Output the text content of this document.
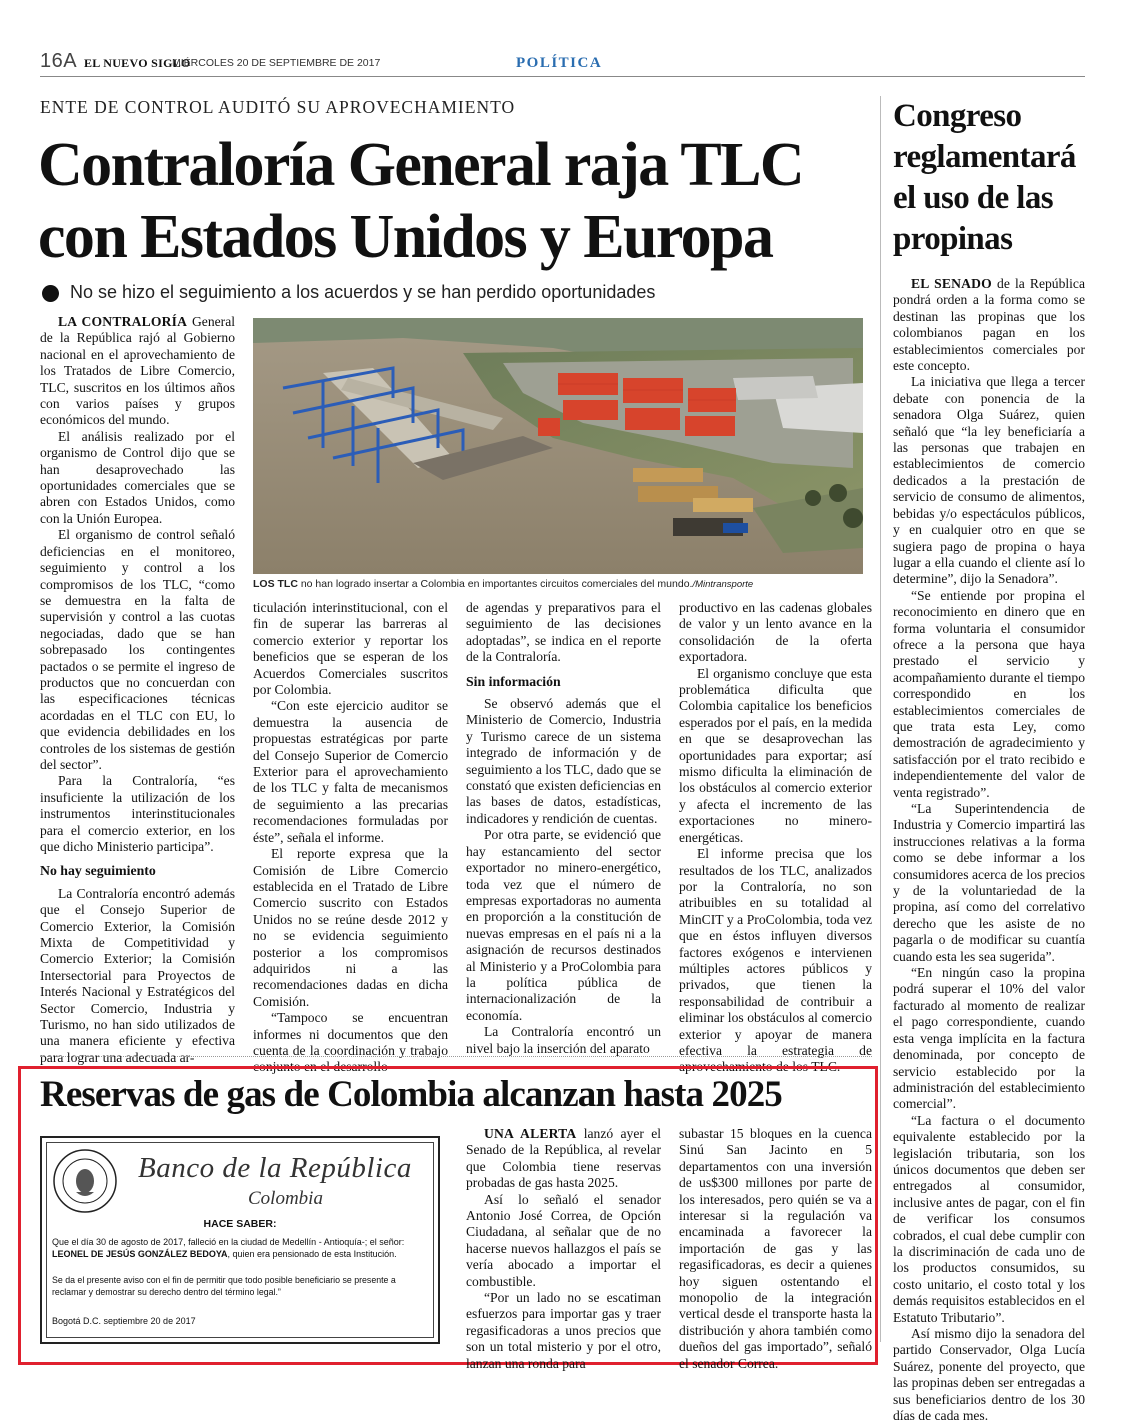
16A EL NUEVO SIGLO
MIÉRCOLES 20 DE SEPTIEMBRE DE 2017	POLÍTICA
ENTE DE CONTROL AUDITÓ SU APROVECHAMIENTO
Contraloría General raja TLC
con Estados Unidos y Europa
No se hizo el seguimiento a los acuerdos y se han perdido oportunidades
LOS TLC no han logrado insertar a Colombia en importantes circuitos comerciales del mundo./Mintransporte

LA CONTRALORÍA General de la República rajó al Gobierno nacional en el aprovechamiento de los Tratados de Libre Comercio, TLC, suscritos en los últimos años con varios países y grupos económicos del mundo.

El análisis realizado por el organismo de Control dijo que se han desaprovechado las oportunidades comerciales que se abren con Estados Unidos, como con la Unión Europea.

El organismo de control señaló deficiencias en el monitoreo, seguimiento y control a los compromisos de los TLC, “como se demuestra en la falta de supervisión y control a las cuotas negociadas, dado que se han sobrepasado los contingentes pactados o se permite el ingreso de productos que no concuerdan con las especificaciones técnicas acordadas en el TLC con EU, lo que evidencia debilidades en los controles de los sistemas de gestión del sector”.

Para la Contraloría, “es insuficiente la utilización de los instrumentos interinstitucionales para el comercio exterior, en los que dicho Ministerio participa”.

No hay seguimiento

La Contraloría encontró además que el Consejo Superior de Comercio Exterior, la Comisión Mixta de Competitividad y Comercio Exterior; la Comisión Intersectorial para Proyectos de Interés Nacional y Estratégicos del Sector Comercio, Industria y Turismo, no han sido utilizados de una manera eficiente y efectiva para lograr una adecuada ar-

ticulación interinstitucional, con el fin de superar las barreras al comercio exterior y reportar los beneficios que se esperan de los Acuerdos Comerciales suscritos por Colombia.

“Con este ejercicio auditor se demuestra la ausencia de propuestas estratégicas por parte del Consejo Superior de Comercio Exterior para el aprovechamiento de los TLC y falta de mecanismos de seguimiento a las precarias recomendaciones formuladas por éste”, señala el informe.

El reporte expresa que la Comisión de Libre Comercio establecida en el Tratado de Libre Comercio suscrito con Estados Unidos no se reúne desde 2012 y no se evidencia seguimiento posterior a los compromisos adquiridos ni a las recomendaciones dadas en dicha Comisión.

“Tampoco se encuentran informes ni documentos que den cuenta de la coordinación y trabajo conjunto en el desarrollo

de agendas y preparativos para el seguimiento de las decisiones adoptadas”, se indica en el reporte de la Contraloría.

Sin información

Se observó además que el Ministerio de Comercio, Industria y Turismo carece de un sistema integrado de información y de seguimiento a los TLC, dado que se constató que existen deficiencias en las bases de datos, estadísticas, indicadores y rendición de cuentas.

Por otra parte, se evidenció que hay estancamiento del sector exportador no minero-energético, toda vez que el número de empresas exportadoras no aumenta en proporción a la constitución de nuevas empresas en el país ni a la asignación de recursos destinados al Ministerio y a ProColombia para la política pública de internacionalización de la economía.

La Contraloría encontró un nivel bajo la inserción del aparato

productivo en las cadenas globales de valor y un lento avance en la consolidación de la oferta exportadora.

El organismo concluye que esta problemática dificulta que Colombia capitalice los beneficios esperados por el país, en la medida en que se desaprovechan las oportunidades para exportar; así mismo dificulta la eliminación de los obstáculos al comercio exterior y afecta el incremento de las exportaciones no minero-energéticas.

El informe precisa que los resultados de los TLC, analizados por la Contraloría, no son atribuibles en su totalidad al MinCIT y a ProColombia, toda vez que en éstos influyen diversos factores exógenos e intervienen múltiples actores públicos y privados, que tienen la responsabilidad de contribuir a eliminar los obstáculos al comercio exterior y apoyar de manera efectiva la estrategia de aprovechamiento de los TLC.

Congreso
reglamentará
el uso de las
propinas

EL SENADO de la República pondrá orden a la forma como se destinan las propinas que los colombianos pagan en los establecimientos comerciales por este concepto.

La iniciativa que llega a tercer debate con ponencia de la senadora Olga Suárez, quien señaló que “la ley beneficiaría a las personas que trabajen en establecimientos de comercio dedicados a la prestación de servicio de consumo de alimentos, bebidas y/o espectáculos públicos, y en cualquier otro en que se sugiera pago de propina o haya lugar a ella cuando el cliente así lo determine”, dijo la Senadora”.

“Se entiende por propina el reconocimiento en dinero que en forma voluntaria el consumidor ofrece a la persona que haya prestado el servicio y acompañamiento durante el tiempo correspondido en los establecimientos comerciales de que trata esta Ley, como demostración de agradecimiento y satisfacción por el trato recibido e independientemente del valor de venta registrado”.

“La Superintendencia de Industria y Comercio impartirá las instrucciones relativas a la forma como se debe informar a los consumidores acerca de los precios y de la voluntariedad de la propina, así como del correlativo derecho que les asiste de no pagarla o de modificar su cuantía cuando esta les sea sugerida”.

“En ningún caso la propina podrá superar el 10% del valor facturado al momento de realizar el pago correspondiente, cuando esta venga implícita en la factura denominada, por concepto de servicio establecido por la administración del establecimiento comercial”.

“La factura o el documento equivalente establecido por la legislación tributaria, son los únicos documentos que deben ser entregados al consumidor, inclusive antes de pagar, con el fin de verificar los consumos cobrados, el cual debe cumplir con la discriminación de cada uno de los productos consumidos, su costo unitario, el costo total y los demás requisitos establecidos en el Estatuto Tributario”.

Así mismo dijo la senadora del partido Conservador, Olga Lucía Suárez, ponente del proyecto, que las propinas deben ser entregadas a sus beneficiarios dentro de los 30 días de cada mes.

Reservas de gas de Colombia alcanzan hasta 2025
Banco de la República
Colombia
HACE SABER:
Que el día 30 de agosto de 2017, falleció en la ciudad de Medellín - Antioquía-; el señor:
LEONEL DE JESÚS GONZÁLEZ BEDOYA, quien era pensionado de esta Institución.
Se da el presente aviso con el fin de permitir que todo posible beneficiario se presente a reclamar y demostrar su derecho dentro del término legal.”
Bogotá D.C. septiembre 20 de 2017

UNA ALERTA lanzó ayer el Senado de la República, al revelar que Colombia tiene reservas probadas de gas hasta 2025.

Así lo señaló el senador Antonio José Correa, de Opción Ciudadana, al señalar que de no hacerse nuevos hallazgos el país se vería abocado a importar el combustible.

“Por un lado no se escatiman esfuerzos para importar gas y traer regasificadoras a unos precios que son un total misterio y por el otro, lanzan una ronda para

subastar 15 bloques en la cuenca Sinú San Jacinto en 5 departamentos con una inversión de us$300 millones por parte de los interesados, pero quién se va a interesar si la regulación va encaminada a favorecer la importación de gas y las regasificadoras, es decir a quienes hoy siguen ostentando el monopolio de la integración vertical desde el transporte hasta la distribución y ahora también como dueños del gas importado”, señaló el senador Correa.
